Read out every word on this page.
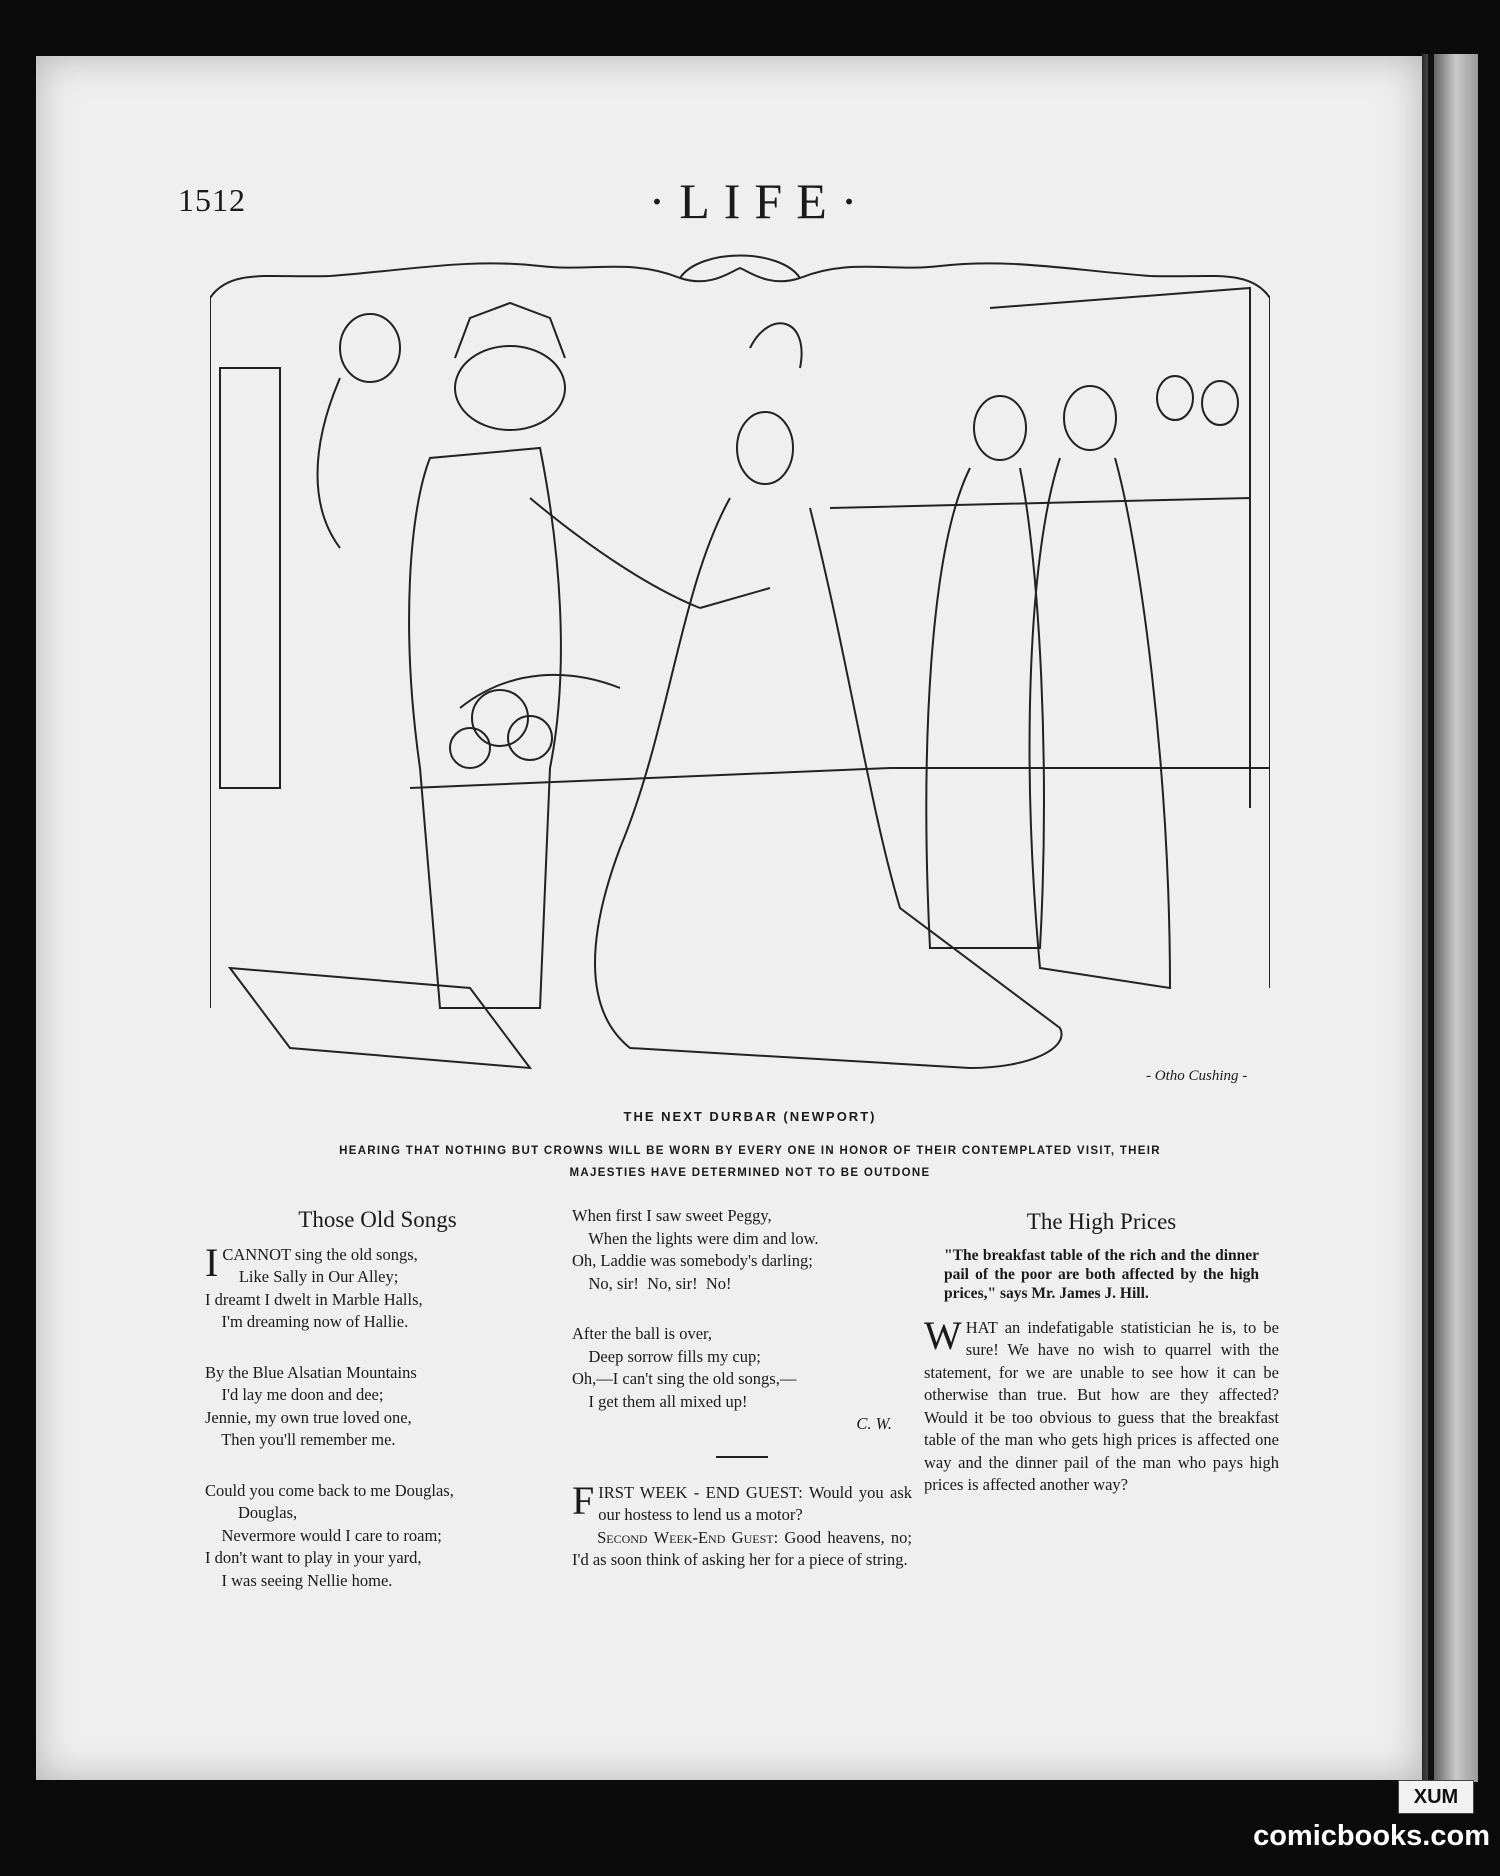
1512	·LIFE·
- Otho Cushing -
THE NEXT DURBAR (NEWPORT)
HEARING THAT NOTHING BUT CROWNS WILL BE WORN BY EVERY ONE IN HONOR OF THEIR CONTEMPLATED VISIT, THEIR
MAJESTIES HAVE DETERMINED NOT TO BE OUTDONE
Those Old Songs
I CANNOT sing the old songs,
Like Sally in Our Alley;
I dreamt I dwelt in Marble Halls,
I'm dreaming now of Hallie.
By the Blue Alsatian Mountains
I'd lay me doon and dee;
Jennie, my own true loved one,
Then you'll remember me.
Could you come back to me Douglas,
Douglas,
Nevermore would I care to roam;
I don't want to play in your yard,
I was seeing Nellie home.
When first I saw sweet Peggy,
When the lights were dim and low.
Oh, Laddie was somebody's darling;
No, sir!  No, sir!  No!
After the ball is over,
Deep sorrow fills my cup;
Oh,—I can't sing the old songs,—
I get them all mixed up!
C. W.
FIRST WEEK - END GUEST: Would you ask our hostess to lend us a motor?
Second Week-End Guest: Good heavens, no; I'd as soon think of asking her for a piece of string.
The High Prices
"The breakfast table of the rich and the dinner pail of the poor are both affected by the high prices," says Mr. James J. Hill.
WHAT an indefatigable statistician he is, to be sure! We have no wish to quarrel with the statement, for we are unable to see how it can be otherwise than true. But how are they affected? Would it be too obvious to guess that the breakfast table of the man who gets high prices is affected one way and the dinner pail of the man who pays high prices is affected another way?
XUM
comicbooks.com
